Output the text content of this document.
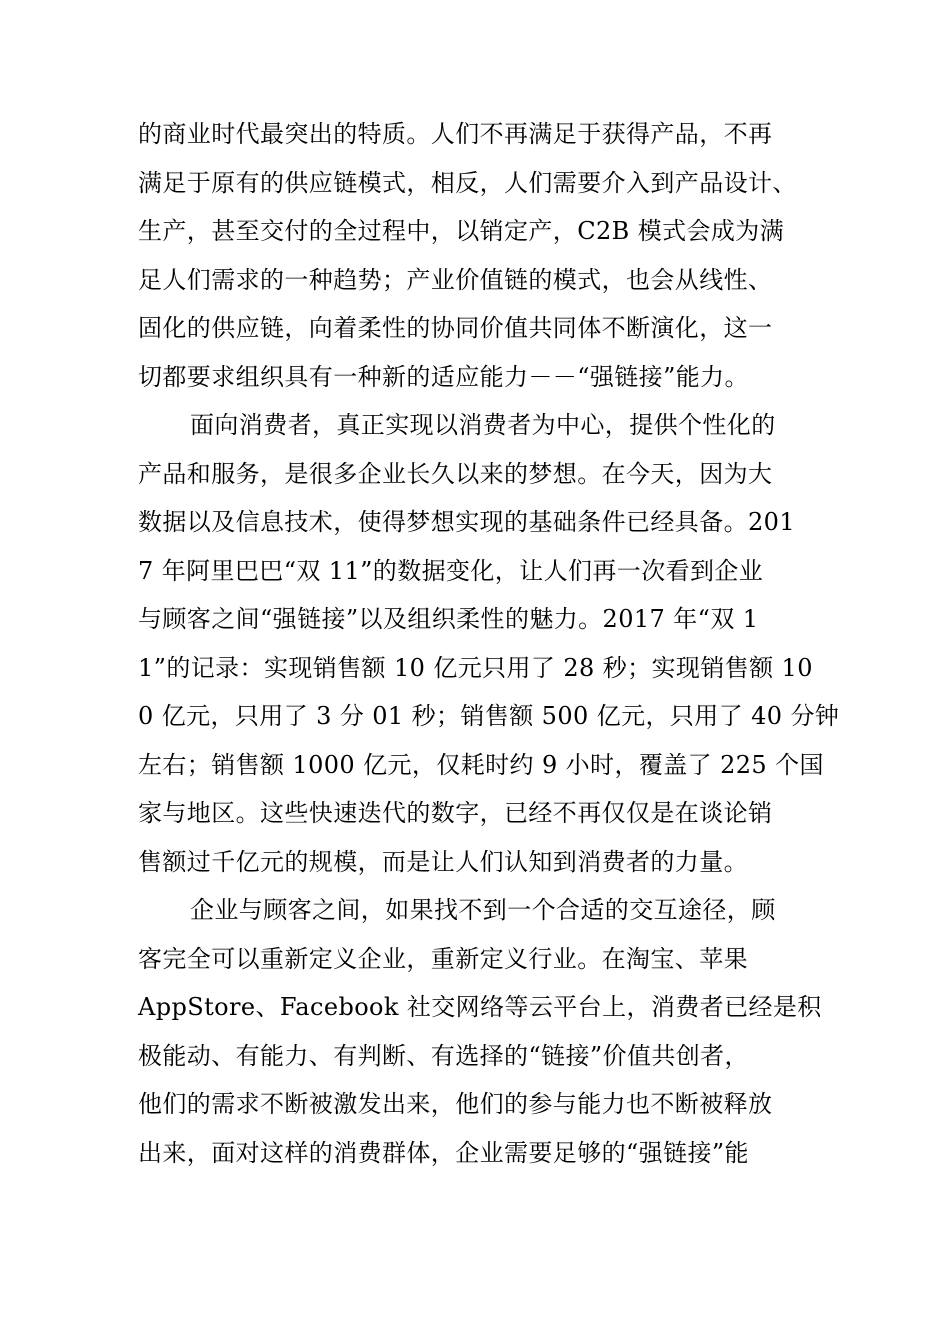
的商业时代最突出的特质。人们不再满足于获得产品，不再
满足于原有的供应链模式，相反，人们需要介入到产品设计、
生产，甚至交付的全过程中，以销定产，C2B 模式会成为满
足人们需求的一种趋势；产业价值链的模式，也会从线性、
固化的供应链，向着柔性的协同价值共同体不断演化，这一
切都要求组织具有一种新的适应能力－－“强链接”能力。
面向消费者，真正实现以消费者为中心，提供个性化的
产品和服务，是很多企业长久以来的梦想。在今天，因为大
数据以及信息技术，使得梦想实现的基础条件已经具备。201
7 年阿里巴巴“双 11”的数据变化，让人们再一次看到企业
与顾客之间“强链接”以及组织柔性的魅力。2017 年“双 1
1”的记录：实现销售额 10 亿元只用了 28 秒；实现销售额 10
0 亿元，只用了 3 分 01 秒；销售额 500 亿元，只用了 40 分钟
左右；销售额 1000 亿元，仅耗时约 9 小时，覆盖了 225 个国
家与地区。这些快速迭代的数字，已经不再仅仅是在谈论销
售额过千亿元的规模，而是让人们认知到消费者的力量。
企业与顾客之间，如果找不到一个合适的交互途径，顾
客完全可以重新定义企业，重新定义行业。在淘宝、苹果
AppStore、Facebook 社交网络等云平台上，消费者已经是积
极能动、有能力、有判断、有选择的“链接”价值共创者，
他们的需求不断被激发出来，他们的参与能力也不断被释放
出来，面对这样的消费群体，企业需要足够的“强链接”能
